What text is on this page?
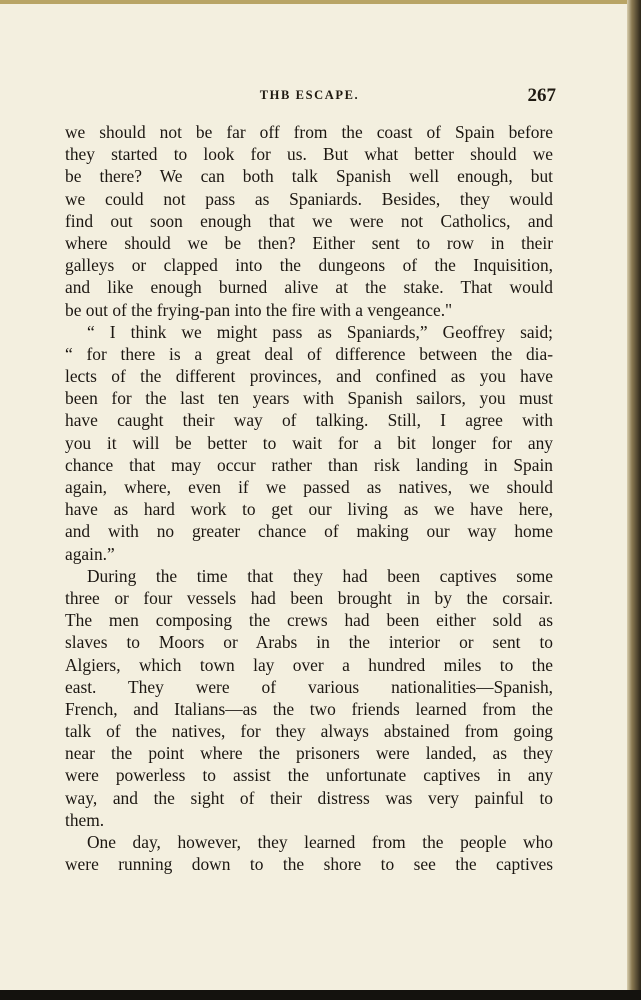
THB ESCAPE.	267
we should not be far off from the coast of Spain before
they started to look for us. But what better should we
be there? We can both talk Spanish well enough, but
we could not pass as Spaniards. Besides, they would
find out soon enough that we were not Catholics, and
where should we be then? Either sent to row in their
galleys or clapped into the dungeons of the Inquisition,
and like enough burned alive at the stake. That would
be out of the frying-pan into the fire with a vengeance."
“ I think we might pass as Spaniards,” Geoffrey said;
“ for there is a great deal of difference between the dia-
lects of the different provinces, and confined as you have
been for the last ten years with Spanish sailors, you must
have caught their way of talking. Still, I agree with
you it will be better to wait for a bit longer for any
chance that may occur rather than risk landing in Spain
again, where, even if we passed as natives, we should
have as hard work to get our living as we have here,
and with no greater chance of making our way home
again.”
During the time that they had been captives some
three or four vessels had been brought in by the corsair.
The men composing the crews had been either sold as
slaves to Moors or Arabs in the interior or sent to
Algiers, which town lay over a hundred miles to the
east. They were of various nationalities—Spanish,
French, and Italians—as the two friends learned from the
talk of the natives, for they always abstained from going
near the point where the prisoners were landed, as they
were powerless to assist the unfortunate captives in any
way, and the sight of their distress was very painful to
them.
One day, however, they learned from the people who
were running down to the shore to see the captives
